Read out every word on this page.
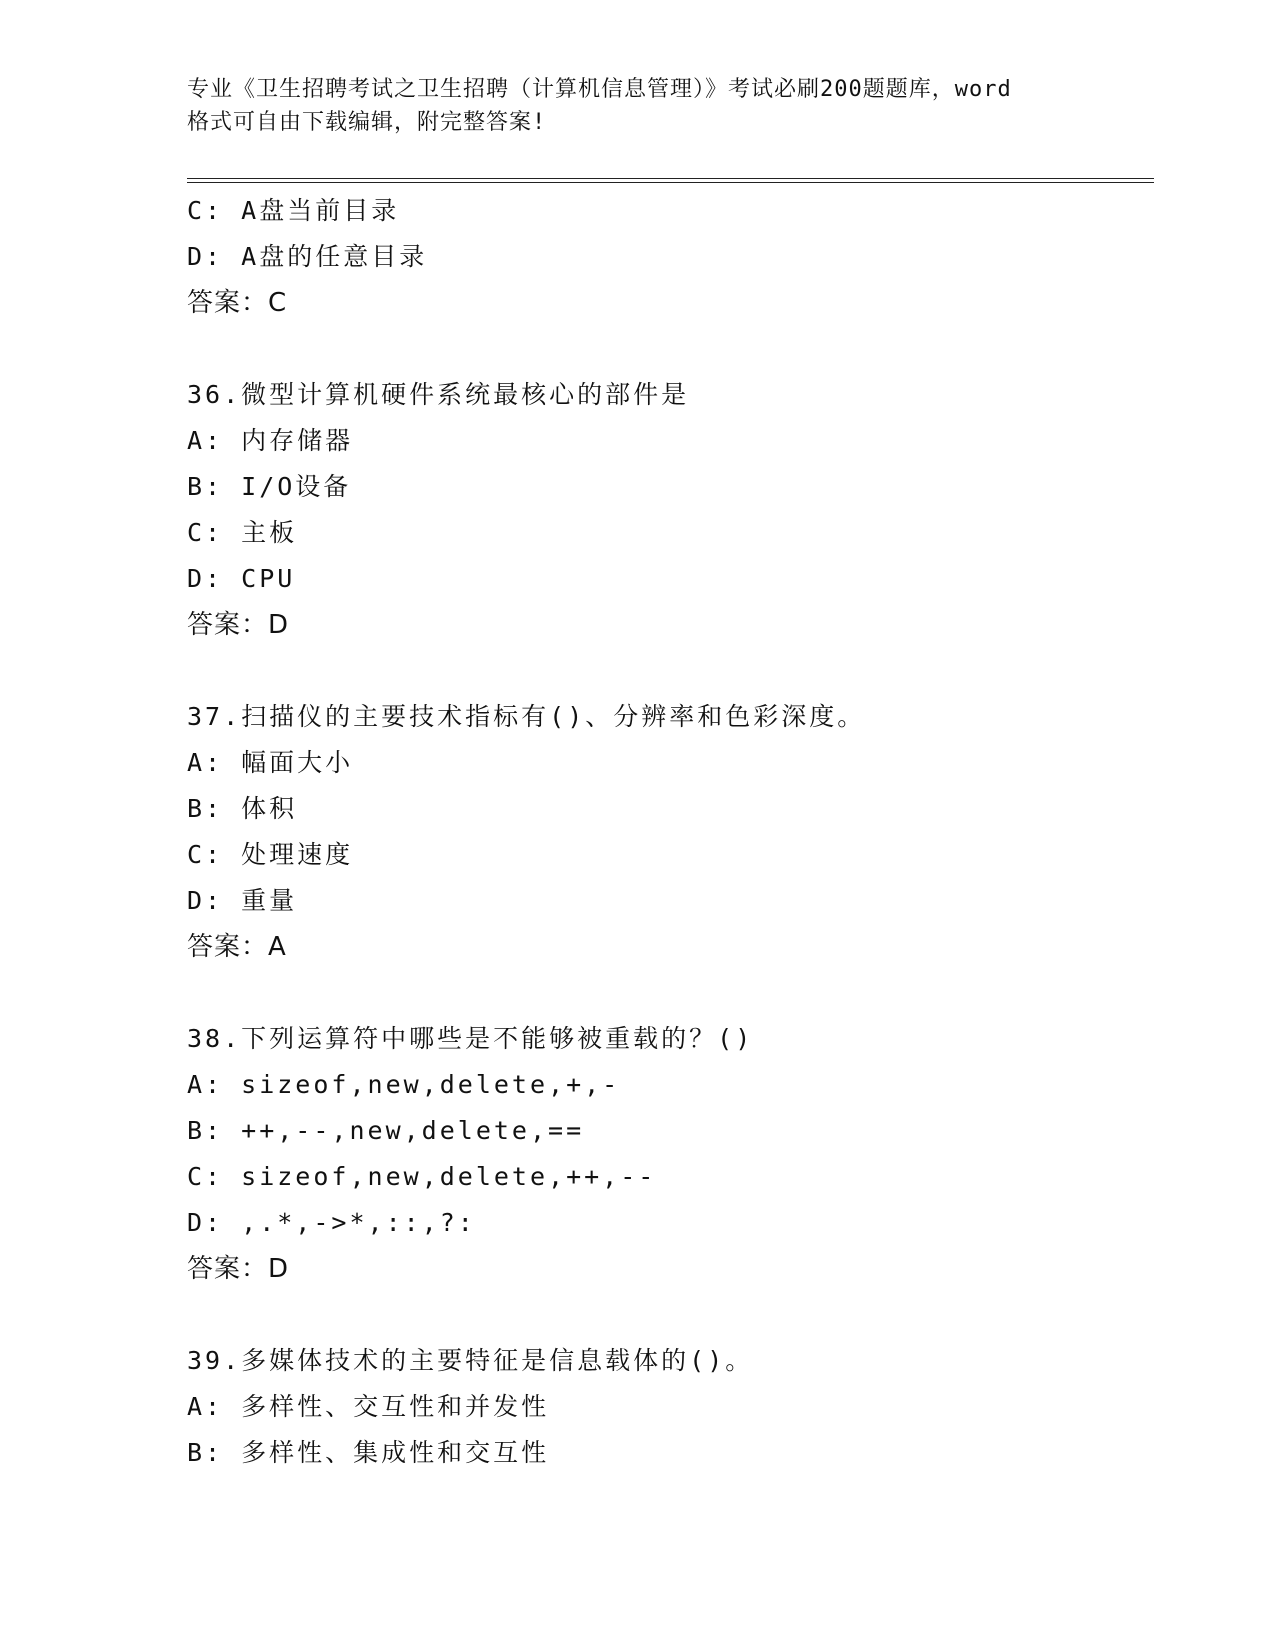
专业《卫生招聘考试之卫生招聘（计算机信息管理）》考试必刷200题题库，word
格式可自由下载编辑，附完整答案!
C: A盘当前目录
D: A盘的任意目录
答案：C
36.微型计算机硬件系统最核心的部件是
A: 内存储器
B: I/O设备
C: 主板
D: CPU
答案：D
37.扫描仪的主要技术指标有()、分辨率和色彩深度。
A: 幅面大小
B: 体积
C: 处理速度
D: 重量
答案：A
38.下列运算符中哪些是不能够被重载的？()
A: sizeof,new,delete,+,-
B: ++,--,new,delete,==
C: sizeof,new,delete,++,--
D: ,.*,->*,::,?:
答案：D
39.多媒体技术的主要特征是信息载体的()。
A: 多样性、交互性和并发性
B: 多样性、集成性和交互性
